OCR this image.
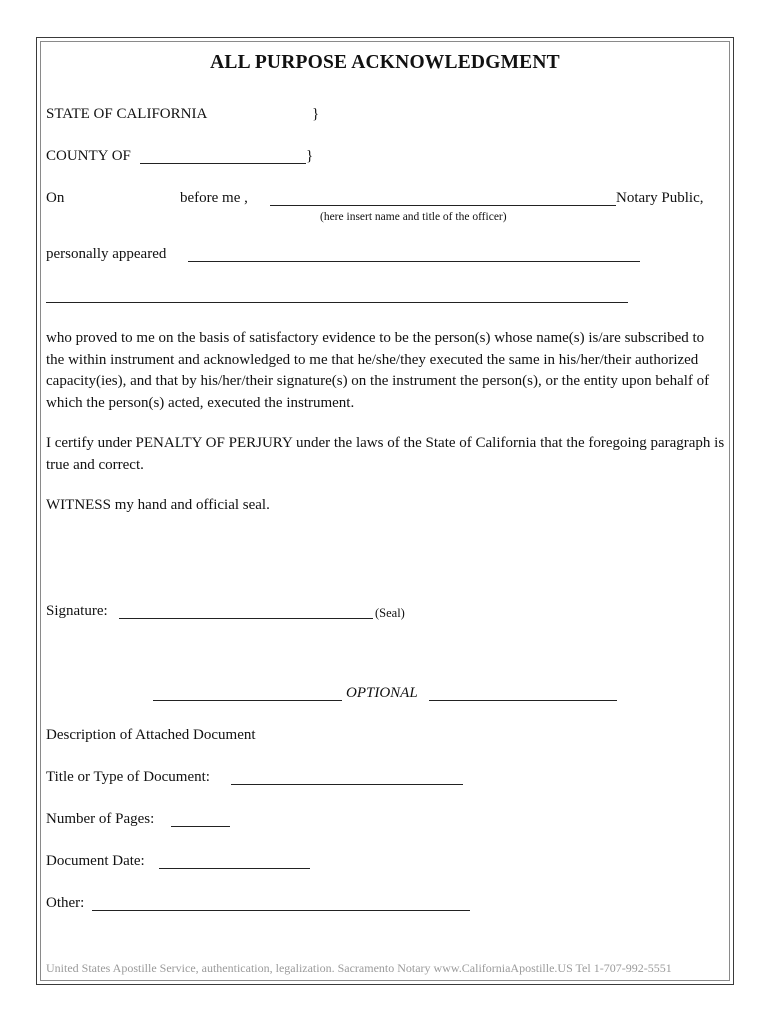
ALL PURPOSE ACKNOWLEDGMENT
STATE OF CALIFORNIA	}
COUNTY OF	}
On	before me ,	Notary Public,
(here insert name and title of the officer)
personally appeared
who proved to me on the basis of satisfactory evidence to be the person(s) whose name(s) is/are subscribed to the within instrument and acknowledged to me that he/she/they executed the same in his/her/their authorized capacity(ies), and that by his/her/their signature(s) on the instrument the person(s), or the entity upon behalf of which the person(s) acted, executed the instrument.
I certify under PENALTY OF PERJURY under the laws of the State of California that the foregoing paragraph is true and correct.
WITNESS my hand and official seal.
Signature:	(Seal)
OPTIONAL
Description of Attached Document
Title or Type of Document:
Number of Pages:
Document Date:
Other:
United States Apostille Service, authentication, legalization. Sacramento Notary www.CaliforniaApostille.US Tel 1-707-992-5551
